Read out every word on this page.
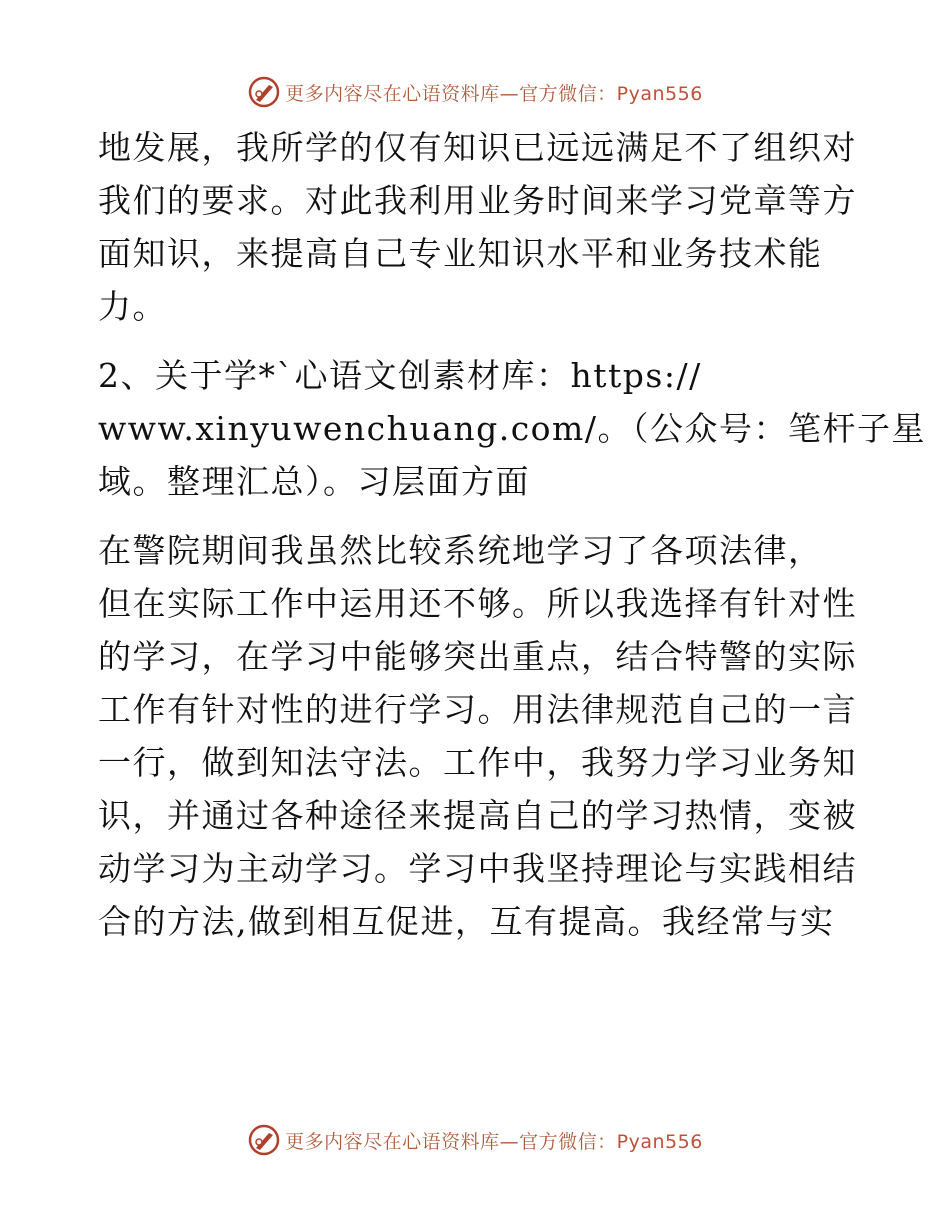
更多内容尽在心语资料库—官方微信：Pyan556

地发展，我所学的仅有知识已远远满足不了组织对
我们的要求。对此我利用业务时间来学习党章等方
面知识，来提高自己专业知识水平和业务技术能
力。

2、关于学*`心语文创素材库：https://
www.xinyuwenchuang.com/。（公众号：笔杆子星
域。整理汇总）。习层面方面

在警院期间我虽然比较系统地学习了各项法律，
但在实际工作中运用还不够。所以我选择有针对性
的学习，在学习中能够突出重点，结合特警的实际
工作有针对性的进行学习。用法律规范自己的一言
一行，做到知法守法。工作中，我努力学习业务知
识，并通过各种途径来提高自己的学习热情，变被
动学习为主动学习。学习中我坚持理论与实践相结
合的方法,做到相互促进，互有提高。我经常与实

更多内容尽在心语资料库—官方微信：Pyan556
